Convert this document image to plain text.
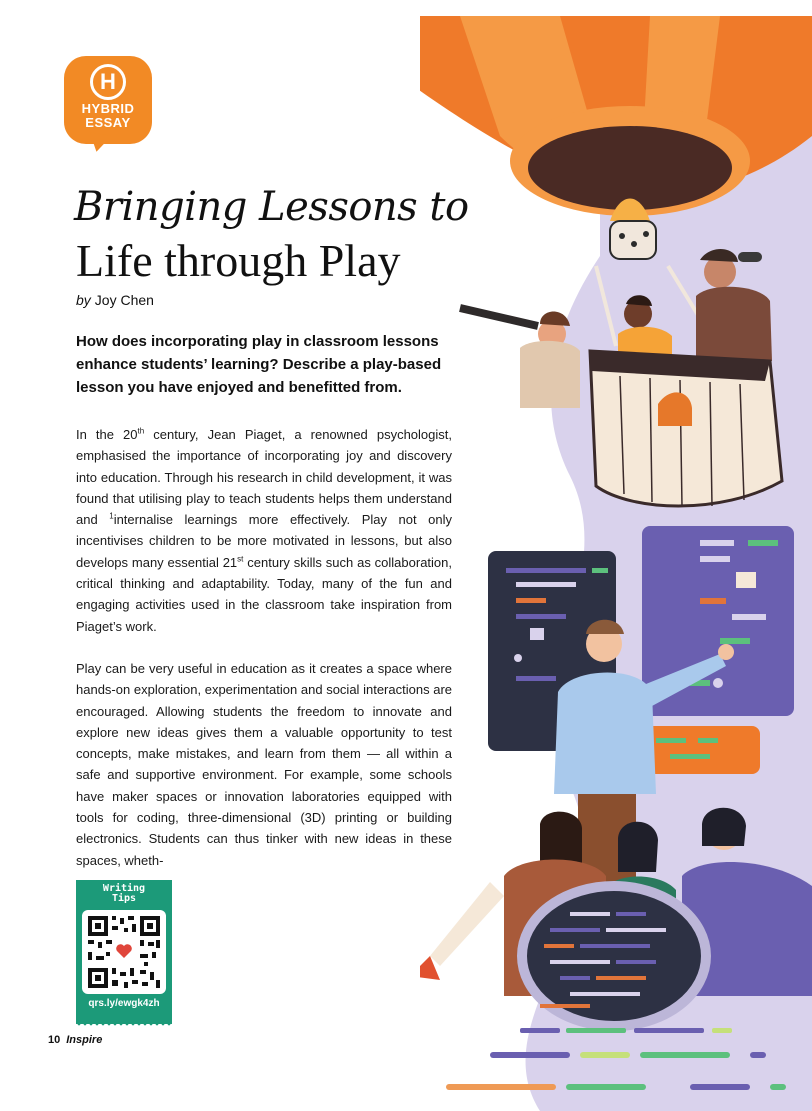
H
HYBRID
ESSAY
Bringing Lessons to
Life through Play
by Joy Chen
How does incorporating play in classroom lessons enhance students’ learning? Describe a play-based lesson you have enjoyed and benefitted from.
In the 20th century, Jean Piaget, a renowned psychologist, emphasised the importance of incorporating joy and discovery into education. Through his research in child development, it was found that utilising play to teach students helps them understand and $^1$internalise learnings more effectively. Play not only incentivises children to be more motivated in lessons, but also develops many essential 21st century skills such as collaboration, critical thinking and adaptability. Today, many of the fun and engaging activities used in the classroom take inspiration from Piaget’s work.
Play can be very useful in education as it creates a space where hands-on exploration, experimentation and social interactions are encouraged. Allowing students the freedom to innovate and explore new ideas gives them a valuable opportunity to test concepts, make mistakes, and learn from them — all within a safe and supportive environment. For example, some schools have maker spaces or innovation laboratories equipped with tools for coding, three-dimensional (3D) printing or building electronics. Students can thus tinker with new ideas in these spaces, wheth-
Writing Tips
qrs.ly/ewgk4zh
10 Inspire
